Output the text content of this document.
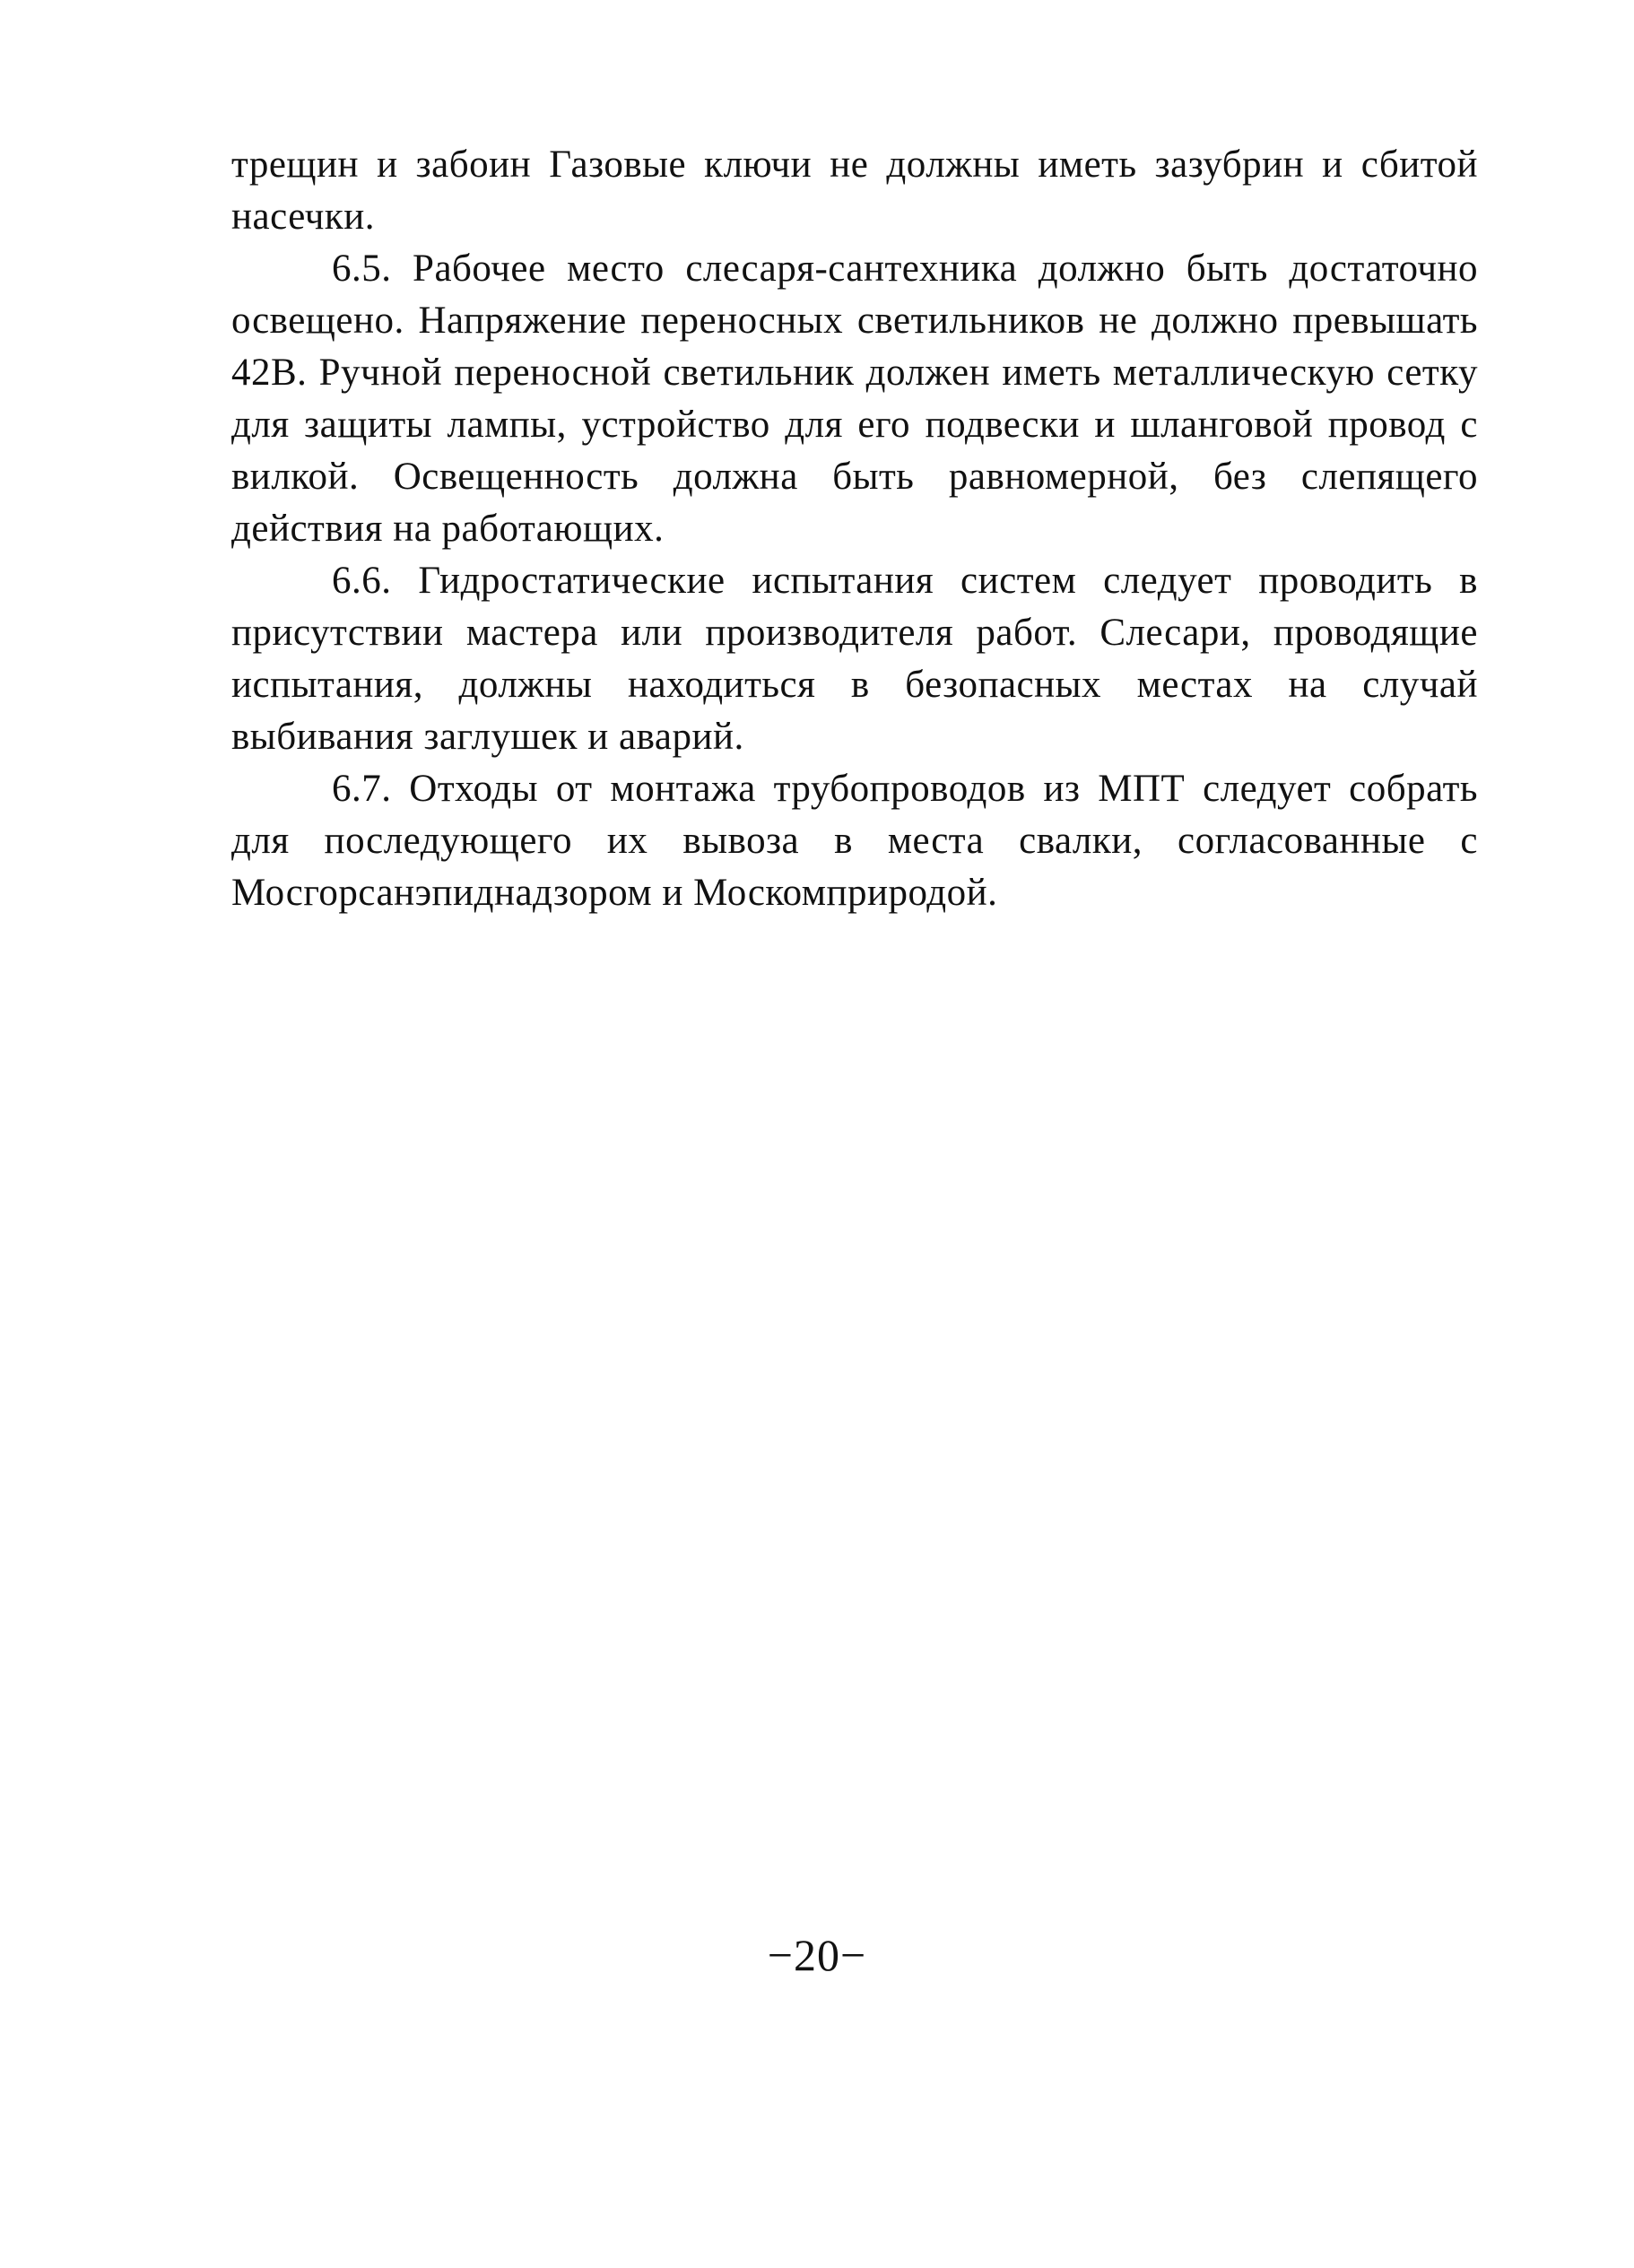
трещин и забоин Газовые ключи не должны иметь зазубрин и сбитой насечки.

6.5. Рабочее место слесаря-сантехника должно быть достаточно освещено. Напряжение переносных светильников не должно превышать 42В. Ручной переносной светильник должен иметь металлическую сетку для защиты лампы, устройство для его подвески и шланговой провод с вилкой. Освещенность должна быть равномерной, без слепящего действия на работающих.

6.6. Гидростатические испытания систем следует проводить в присутствии мастера или производителя работ. Слесари, проводящие испытания, должны находиться в безопасных местах на случай выбивания заглушек и аварий.

6.7. Отходы от монтажа трубопроводов из МПТ следует собрать для последующего их вывоза в места свалки, согласованные с Мосгорсанэпиднадзором и Москомприродой.

−20−
